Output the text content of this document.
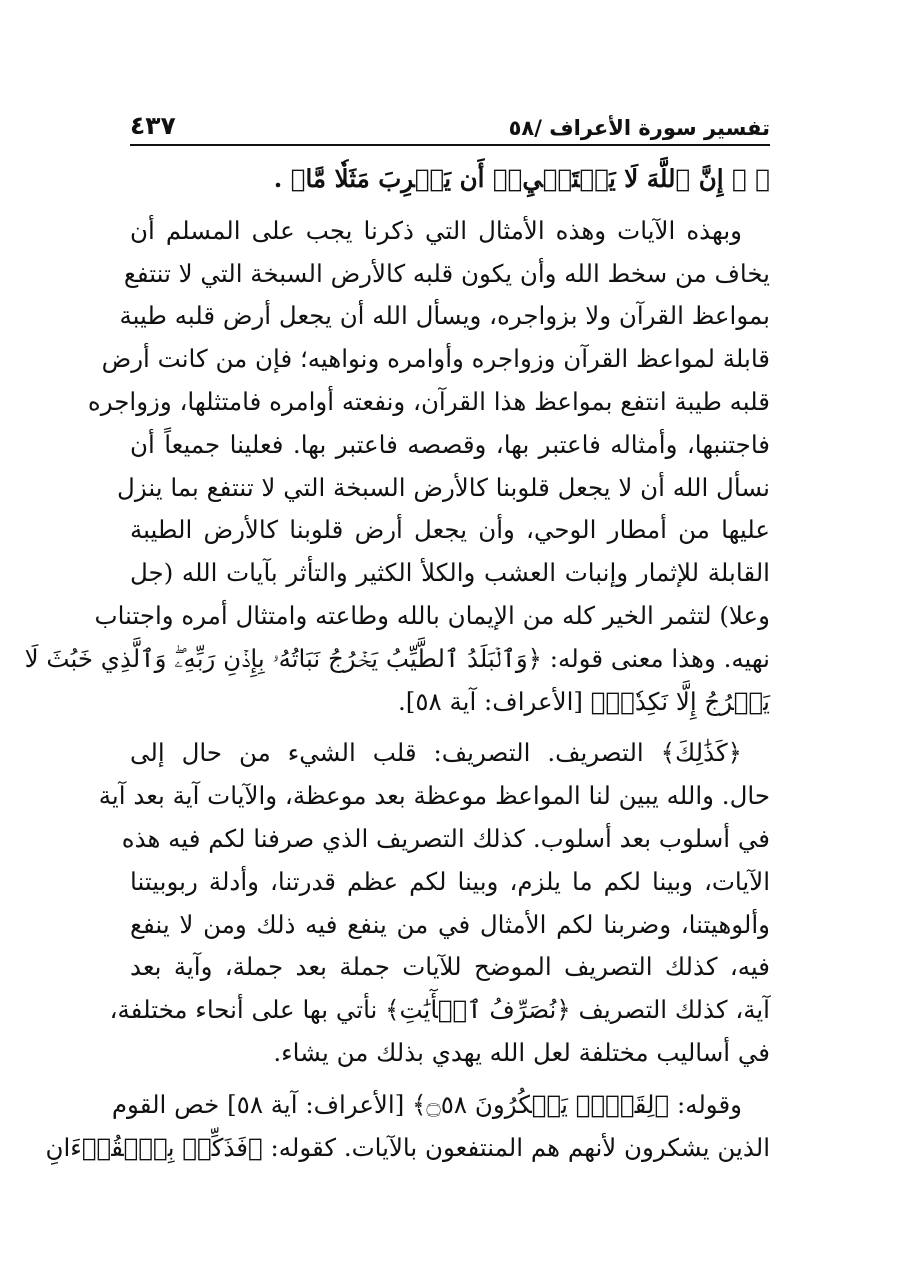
تفسير سورة الأعراف /٥٨
٤٣٧
﴿ ۞ إِنَّ ٱللَّهَ لَا يَسۡتَحۡيِۦٓ أَن يَضۡرِبَ مَثَلٗا مَّا﴾ .
وبهذه الآيات وهذه الأمثال التي ذكرنا يجب على المسلم أن
يخاف من سخط الله وأن يكون قلبه كالأرض السبخة التي لا تنتفع
بمواعظ القرآن ولا بزواجره، ويسأل الله أن يجعل أرض قلبه طيبة
قابلة لمواعظ القرآن وزواجره وأوامره ونواهيه؛ فإن من كانت أرض
قلبه طيبة انتفع بمواعظ هذا القرآن، ونفعته أوامره فامتثلها، وزواجره
فاجتنبها، وأمثاله فاعتبر بها، وقصصه فاعتبر بها. فعلينا جميعاً أن
نسأل الله أن لا يجعل قلوبنا كالأرض السبخة التي لا تنتفع بما ينزل
عليها من أمطار الوحي، وأن يجعل أرض قلوبنا كالأرض الطيبة
القابلة للإثمار وإنبات العشب والكلأ الكثير والتأثر بآيات الله (جل
وعلا) لتثمر الخير كله من الإيمان بالله وطاعته وامتثال أمره واجتناب
نهيه. وهذا معنى قوله: ﴿وَٱلۡبَلَدُ ٱلطَّيِّبُ يَخۡرُجُ نَبَاتُهُۥ بِإِذۡنِ رَبِّهِۦۖ وَٱلَّذِي خَبُثَ لَا
يَخۡرُجُ إِلَّا نَكِدٗاۚ﴾ [الأعراف: آية ٥٨].
﴿كَذَٰلِكَ﴾ التصريف. التصريف: قلب الشيء من حال إلى
حال. والله يبين لنا المواعظ موعظة بعد موعظة، والآيات آية بعد آية
في أسلوب بعد أسلوب. كذلك التصريف الذي صرفنا لكم فيه هذه
الآيات، وبينا لكم ما يلزم، وبينا لكم عظم قدرتنا، وأدلة ربوبيتنا
وألوهيتنا، وضربنا لكم الأمثال في من ينفع فيه ذلك ومن لا ينفع
فيه، كذلك التصريف الموضح للآيات جملة بعد جملة، وآية بعد
آية، كذلك التصريف ﴿نُصَرِّفُ ٱلۡأٓيَٰتِ﴾ نأتي بها على أنحاء مختلفة،
في أساليب مختلفة لعل الله يهدي بذلك من يشاء.
وقوله: ﴿لِقَوۡمٖ يَشۡكُرُونَ ۝٥٨﴾ [الأعراف: آية ٥٨] خص القوم
الذين يشكرون لأنهم هم المنتفعون بالآيات. كقوله: ﴿فَذَكِّرۡ بِٱلۡقُرۡءَانِ
